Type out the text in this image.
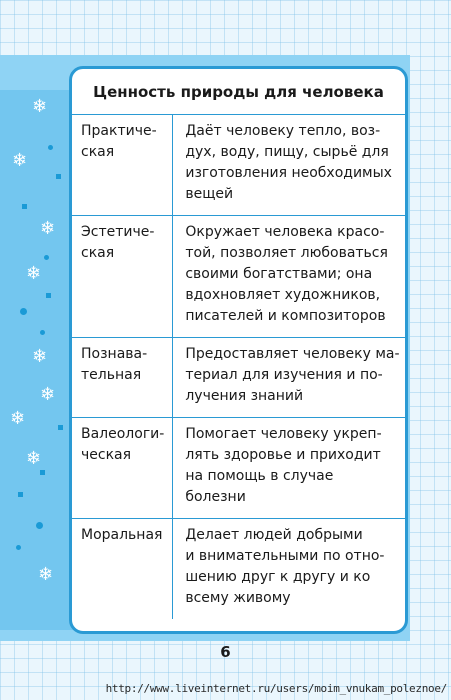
❄
❄
❄
❄
❄
❄
❄
❄
❄
Ценность природы для человека
Практиче-
ская	Даёт человеку тепло, воз-
дух, воду, пищу, сырьё для
изготовления необходимых
вещей

Эстетиче-
ская	Окружает человека красо-
той, позволяет любоваться
своими богатствами; она
вдохновляет художников,
писателей и композиторов

Познава-
тельная	Предоставляет человеку ма-
териал для изучения и по-
лучения знаний

Валеологи-
ческая	Помогает человеку укреп-
лять здоровье и приходит
на помощь в случае
болезни

Моральная	Делает людей добрыми
и внимательными по отно-
шению друг к другу и ко
всему живому
6
http://www.liveinternet.ru/users/moim_vnukam_poleznoe/
